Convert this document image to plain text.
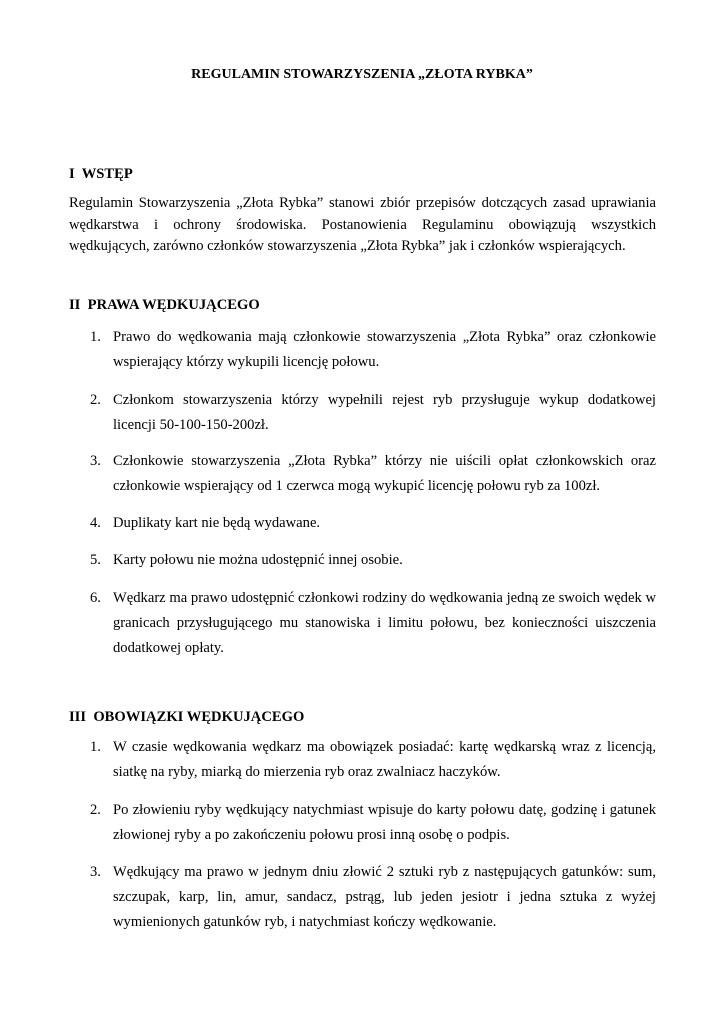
REGULAMIN STOWARZYSZENIA „ZŁOTA RYBKA”
I  WSTĘP
Regulamin Stowarzyszenia „Złota Rybka” stanowi zbiór przepisów dotczących zasad uprawiania wędkarstwa i ochrony środowiska. Postanowienia Regulaminu obowiązują wszystkich wędkujących, zarówno członków stowarzyszenia „Złota Rybka” jak i członków wspierających.
II  PRAWA WĘDKUJĄCEGO
1. Prawo do wędkowania mają członkowie stowarzyszenia „Złota Rybka” oraz członkowie wspierający którzy wykupili licencję połowu.
2. Członkom stowarzyszenia którzy wypełnili rejest ryb przysługuje wykup dodatkowej licencji 50-100-150-200zł.
3. Członkowie stowarzyszenia „Złota Rybka” którzy nie uiścili opłat członkowskich oraz członkowie wspierający od 1 czerwca mogą wykupić licencję połowu ryb za 100zł.
4. Duplikaty kart nie będą wydawane.
5. Karty połowu nie można udostępnić innej osobie.
6. Wędkarz ma prawo udostępnić członkowi rodziny do wędkowania jedną ze swoich wędek w granicach przysługującego mu stanowiska i limitu połowu, bez konieczności uiszczenia dodatkowej opłaty.
III  OBOWIĄZKI WĘDKUJĄCEGO
1. W czasie wędkowania wędkarz ma obowiązek posiadać: kartę wędkarską wraz z licencją, siatkę na ryby, miarką do mierzenia ryb oraz zwalniacz haczyków.
2. Po złowieniu ryby wędkujący natychmiast wpisuje do karty połowu datę, godzinę i gatunek złowionej ryby a po zakończeniu połowu prosi inną osobę o podpis.
3. Wędkujący ma prawo w jednym dniu złowić 2 sztuki ryb z następujących gatunków: sum, szczupak, karp, lin, amur, sandacz, pstrąg, lub jeden jesiotr i jedna sztuka z wyżej wymienionych gatunków ryb, i natychmiast kończy wędkowanie.
